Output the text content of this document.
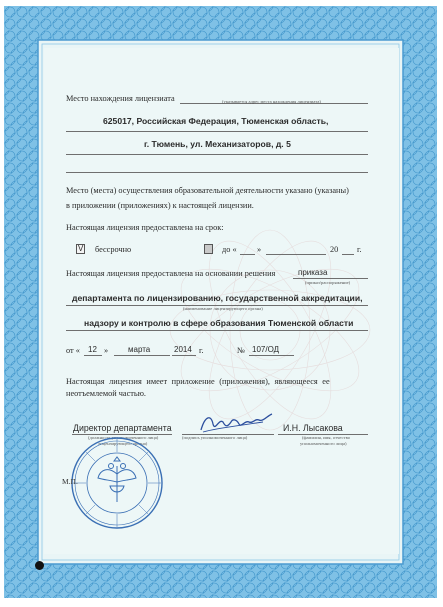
Место нахождения лицензиата	(указывается адрес места нахождения лицензиата)
625017, Российская Федерация, Тюменская область,
г. Тюмень, ул. Механизаторов, д. 5
Место (места) осуществления образовательной деятельности указано (указаны)
в приложении (приложениях) к настоящей лицензии.
Настоящая лицензия предоставлена на срок:
V бессрочно	до « »	20 г.
Настоящая лицензия предоставлена на основании решения	приказа
(приказ/распоряжение)
департамента по лицензированию, государственной аккредитации,
(наименование лицензирующего органа)
надзору и контролю в сфере образования Тюменской области
от « 12 » марта	2014 г.	№ 107/ОД
Настоящая лицензия имеет приложение (приложения), являющееся ее
неотъемлемой частью.
Директор департамента
(должность уполномоченного лица)
лицензирующего органа)
(подпись уполномоченного лица)
И.Н. Лысакова
(фамилия, имя, отчество
уполномоченного лица)
М.П.
